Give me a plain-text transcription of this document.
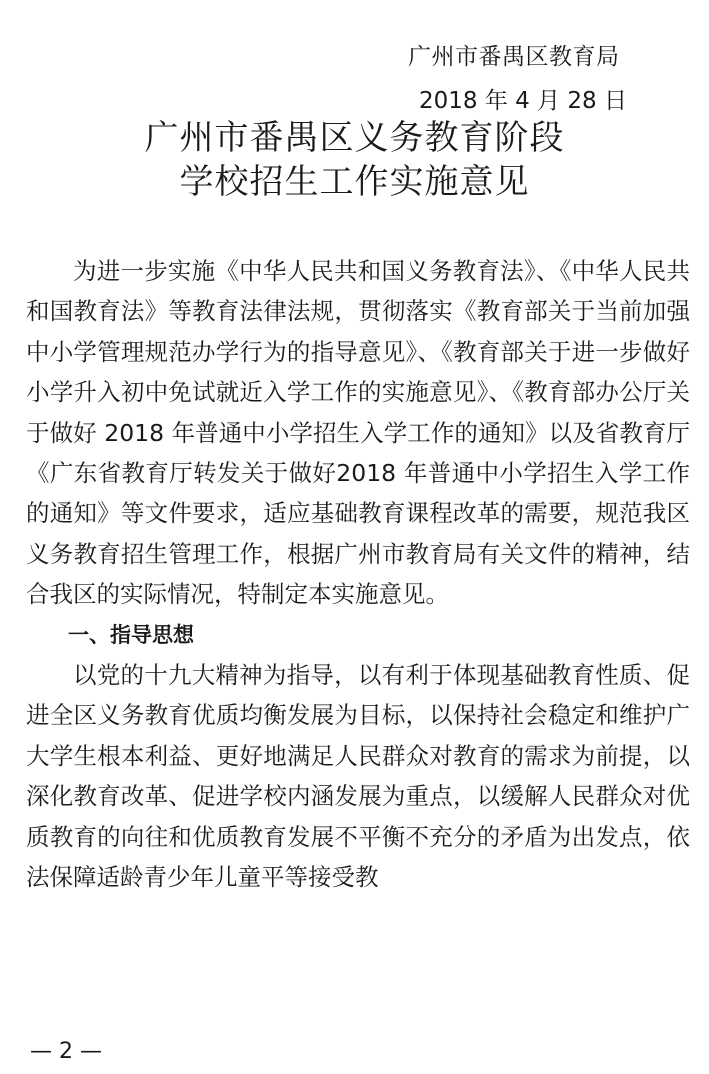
广州市番禺区教育局
2018 年 4 月 28 日
广州市番禺区义务教育阶段
学校招生工作实施意见

为进一步实施《中华人民共和国义务教育法》、《中华人民共和国教育法》等教育法律法规，贯彻落实《教育部关于当前加强中小学管理规范办学行为的指导意见》、《教育部关于进一步做好小学升入初中免试就近入学工作的实施意见》、《教育部办公厅关于做好 2018 年普通中小学招生入学工作的通知》以及省教育厅《广东省教育厅转发关于做好2018 年普通中小学招生入学工作的通知》等文件要求，适应基础教育课程改革的需要，规范我区义务教育招生管理工作，根据广州市教育局有关文件的精神，结合我区的实际情况，特制定本实施意见。

一、指导思想

以党的十九大精神为指导，以有利于体现基础教育性质、促进全区义务教育优质均衡发展为目标，以保持社会稳定和维护广大学生根本利益、更好地满足人民群众对教育的需求为前提，以深化教育改革、促进学校内涵发展为重点，以缓解人民群众对优质教育的向往和优质教育发展不平衡不充分的矛盾为出发点，依法保障适龄青少年儿童平等接受教

— 2 —
